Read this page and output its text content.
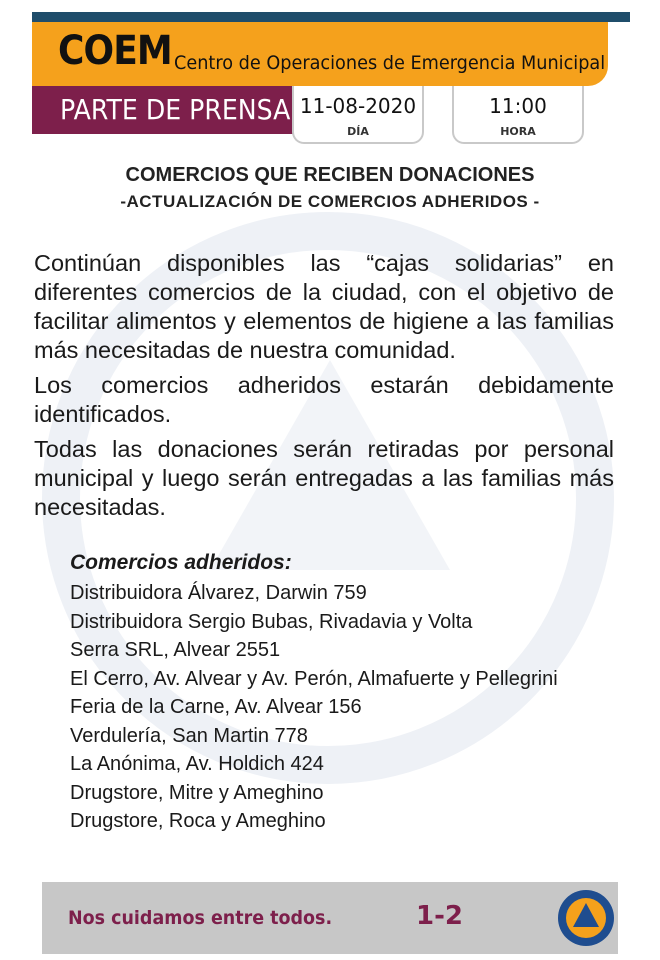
COEM Centro de Operaciones de Emergencia Municipal
PARTE DE PRENSA 11-08-2020
DÍA
11:00
HORA
COMERCIOS QUE RECIBEN DONACIONES
-ACTUALIZACIÓN DE COMERCIOS ADHERIDOS -

Continúan disponibles las “cajas solidarias” en diferentes comercios de la ciudad, con el objetivo de facilitar alimentos y elementos de higiene a las familias más necesitadas de nuestra comunidad.

Los comercios adheridos estarán debidamente identificados.

Todas las donaciones serán retiradas por personal municipal y luego serán entregadas a las familias más necesitadas.

Comercios adheridos:
Distribuidora Álvarez, Darwin 759
Distribuidora Sergio Bubas, Rivadavia y Volta
Serra SRL, Alvear 2551
El Cerro, Av. Alvear y Av. Perón, Almafuerte y Pellegrini
Feria de la Carne, Av. Alvear 156
Verdulería, San Martin 778
La Anónima, Av. Holdich 424
Drugstore, Mitre y Ameghino
Drugstore, Roca y Ameghino
Nos cuidamos entre todos.	1-2
